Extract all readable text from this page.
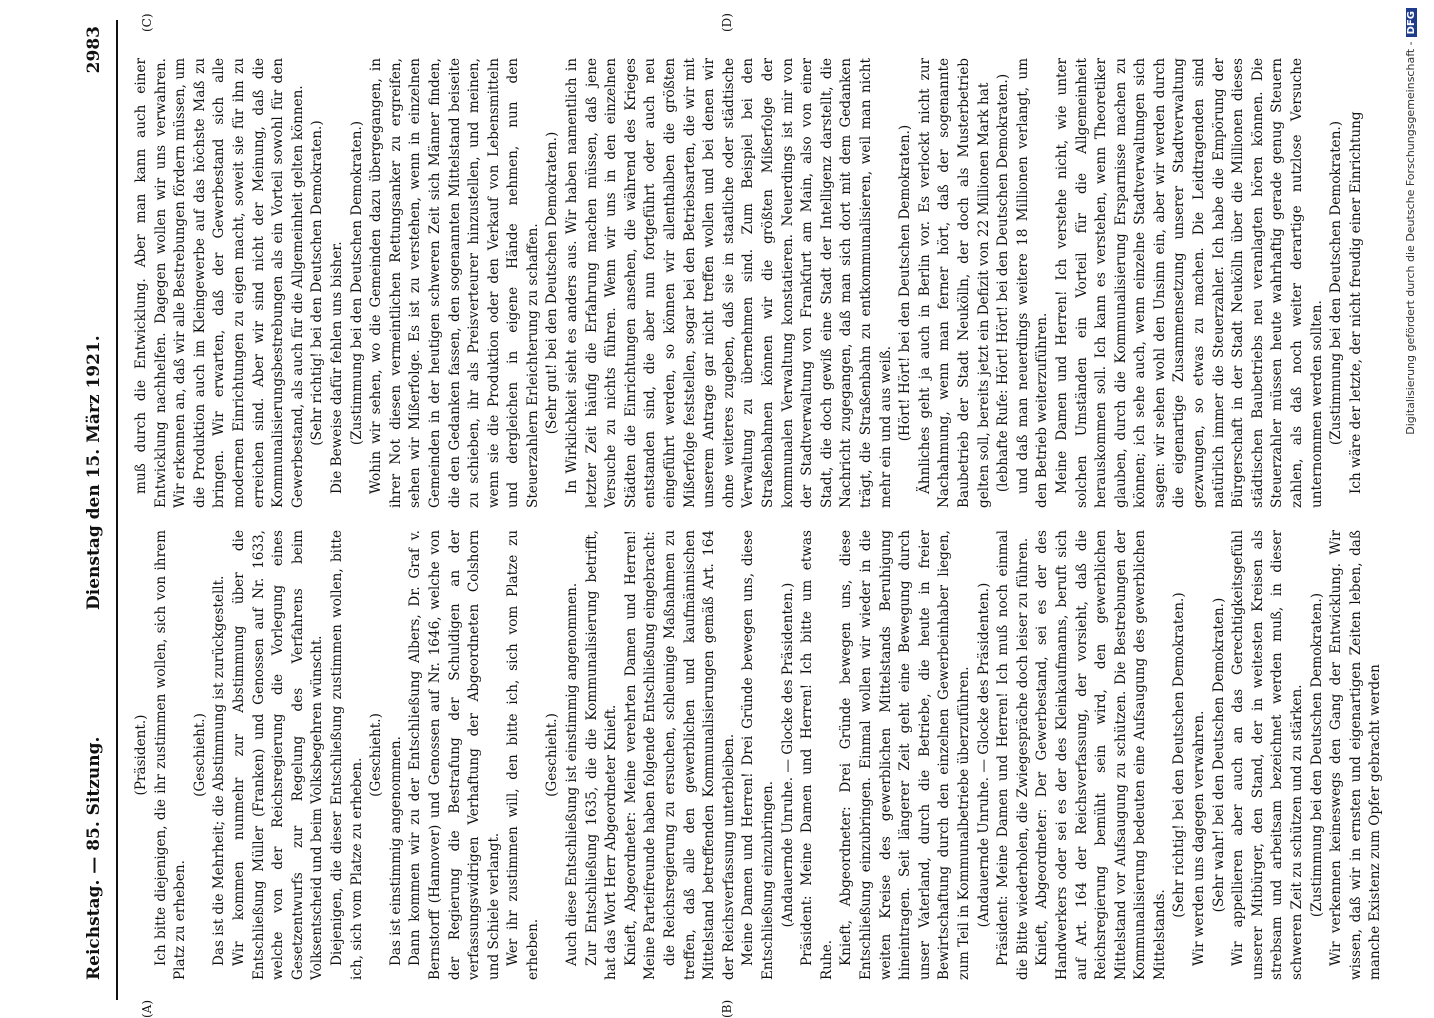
Reichstag. — 85. Sitzung.
Dienstag den 15. März 1921.
2983
(A)	(B)
(C)	(D)

(Präsident.) Ich bitte diejenigen, die ihr zustimmen wollen, sich von ihrem Platz zu erheben.

(Geschieht.) Das ist die Mehrheit; die Abstimmung ist zurückgestellt. Wir kommen nunmehr zur Abstimmung über die Entschließung Müller (Franken) und Genossen auf Nr. 1633, welche von der Reichsregierung die Vorlegung eines Gesetzentwurfs zur Regelung des Verfahrens beim Volksentscheid und beim Volksbegehren wünscht. Diejenigen, die dieser Entschließung zustimmen wollen, bitte ich, sich vom Platze zu erheben.

(Geschieht.) Das ist einstimmig angenommen. Dann kommen wir zu der Entschließung Albers, Dr. Graf v. Bernstorff (Hannover) und Genossen auf Nr. 1646, welche von der Regierung die Bestrafung der Schuldigen an der verfassungswidrigen Verhaftung der Abgeordneten Colshorn und Schiele verlangt. Wer ihr zustimmen will, den bitte ich, sich vom Platze zu erheben.

(Geschieht.) Auch diese Entschließung ist einstimmig angenommen. Zur Entschließung 1635, die die Kommunalisierung betrifft, hat das Wort Herr Abgeordneter Knieft. Knieft, Abgeordneter: Meine verehrten Damen und Herren! Meine Parteifreunde haben folgende Entschließung eingebracht: die Reichsregierung zu ersuchen, schleunige Maßnahmen zu treffen, daß alle den gewerblichen und kaufmännischen Mittelstand betreffenden Kommunalisierungen gemäß Art. 164 der Reichsverfassung unterbleiben. Meine Damen und Herren! Drei Gründe bewegen uns, diese Entschließung einzubringen. (Andauernde Unruhe. — Glocke des Präsidenten.) Präsident: Meine Damen und Herren! Ich bitte um etwas Ruhe. Knieft, Abgeordneter: Drei Gründe bewegen uns, diese Entschließung einzubringen. Einmal wollen wir wieder in die weiten Kreise des gewerblichen Mittelstands Beruhigung hineintragen. Seit längerer Zeit geht eine Bewegung durch unser Vaterland, durch die Betriebe, die heute in freier Bewirtschaftung durch den einzelnen Gewerbeinhaber liegen, zum Teil in Kommunalbetriebe überzuführen. (Andauernde Unruhe. — Glocke des Präsidenten.) Präsident: Meine Damen und Herren! Ich muß noch einmal die Bitte wiederholen, die Zwiegespräche doch leiser zu führen. Knieft, Abgeordneter: Der Gewerbestand, sei es der des Handwerkers oder sei es der des Kleinkaufmanns, beruft sich auf Art. 164 der Reichsverfassung, der vorsieht, daß die Reichsregierung bemüht sein wird, den gewerblichen Mittelstand vor Aufsaugung zu schützen. Die Bestrebungen der Kommunalisierung bedeuten eine Aufsaugung des gewerblichen Mittelstands.

(Sehr richtig! bei den Deutschen Demokraten.) Wir werden uns dagegen verwahren. (Sehr wahr! bei den Deutschen Demokraten.) Wir appellieren aber auch an das Gerechtigkeitsgefühl unserer Mitbürger, den Stand, der in weitesten Kreisen als strebsam und arbeitsam bezeichnet werden muß, in dieser schweren Zeit zu schützen und zu stärken. (Zustimmung bei den Deutschen Demokraten.) Wir verkennen keineswegs den Gang der Entwicklung. Wir wissen, daß wir in ernsten und eigenartigen Zeiten leben, daß manche Existenz zum Opfer gebracht werden

muß durch die Entwicklung. Aber man kann auch einer Entwicklung nachhelfen. Dagegen wollen wir uns verwahren. Wir erkennen an, daß wir alle Bestrebungen fördern müssen, um die Produktion auch im Kleingewerbe auf das höchste Maß zu bringen. Wir erwarten, daß der Gewerbestand sich alle modernen Einrichtungen zu eigen macht, soweit sie für ihn zu erreichen sind. Aber wir sind nicht der Meinung, daß die Kommunalisierungsbestrebungen als ein Vorteil sowohl für den Gewerbestand, als auch für die Allgemeinheit gelten können. (Sehr richtig! bei den Deutschen Demokraten.) Die Beweise dafür fehlen uns bisher. (Zustimmung bei den Deutschen Demokraten.) Wohin wir sehen, wo die Gemeinden dazu übergegangen, in ihrer Not diesen vermeintlichen Rettungsanker zu ergreifen, sehen wir Mißerfolge. Es ist zu verstehen, wenn in einzelnen Gemeinden in der heutigen schweren Zeit sich Männer finden, die den Gedanken fassen, den sogenannten Mittelstand beiseite zu schieben, ihr als Preisverteurer hinzustellen, und meinen, wenn sie die Produktion oder den Verkauf von Lebensmitteln und dergleichen in eigene Hände nehmen, nun den Steuerzahlern Erleichterung zu schaffen. (Sehr gut! bei den Deutschen Demokraten.) In Wirklichkeit sieht es anders aus. Wir haben namentlich in letzter Zeit häufig die Erfahrung machen müssen, daß jene Versuche zu nichts führen. Wenn wir uns in den einzelnen Städten die Einrichtungen ansehen, die während des Krieges entstanden sind, die aber nun fortgeführt oder auch neu eingeführt werden, so können wir allenthalben die größten Mißerfolge feststellen, sogar bei den Betriebsarten, die wir mit unserem Antrage gar nicht treffen wollen und bei denen wir ohne weiteres zugeben, daß sie in staatliche oder städtische Verwaltung zu übernehmen sind. Zum Beispiel bei den Straßenbahnen können wir die größten Mißerfolge der kommunalen Verwaltung konstatieren. Neuerdings ist mir von der Stadtverwaltung von Frankfurt am Main, also von einer Stadt, die doch gewiß eine Stadt der Intelligenz darstellt, die Nachricht zugegangen, daß man sich dort mit dem Gedanken trägt, die Straßenbahn zu entkommunalisieren, weil man nicht mehr ein und aus weiß. (Hört! Hört! bei den Deutschen Demokraten.) Ähnliches geht ja auch in Berlin vor. Es verlockt nicht zur Nachahmung, wenn man ferner hört, daß der sogenannte Baubetrieb der Stadt Neukölln, der doch als Musterbetrieb gelten soll, bereits jetzt ein Defizit von 22 Millionen Mark hat (lebhafte Rufe: Hört! Hört! bei den Deutschen Demokraten.) und daß man neuerdings weitere 18 Millionen verlangt, um den Betrieb weiterzuführen. Meine Damen und Herren! Ich verstehe nicht, wie unter solchen Umständen ein Vorteil für die Allgemeinheit herauskommen soll. Ich kann es verstehen, wenn Theoretiker glauben, durch die Kommunalisierung Ersparnisse machen zu können; ich sehe auch, wenn einzelne Stadtverwaltungen sich sagen: wir sehen wohl den Unsinn ein, aber wir werden durch die eigenartige Zusammensetzung unserer Stadtverwaltung gezwungen, so etwas zu machen. Die Leidtragenden sind natürlich immer die Steuerzahler. Ich habe die Empörung der Bürgerschaft in der Stadt Neukölln über die Millionen dieses städtischen Baubetriebs neu veranlagten hören können. Die Steuerzahler müssen heute wahrhaftig gerade genug Steuern zahlen, als daß noch weiter derartige nutzlose Versuche unternommen werden sollten. (Zustimmung bei den Deutschen Demokraten.) Ich wäre der letzte, der nicht freudig einer Einrichtung	Digitalisierung gefördert durch die Deutsche Forschungsgemeinschaft -DFG
